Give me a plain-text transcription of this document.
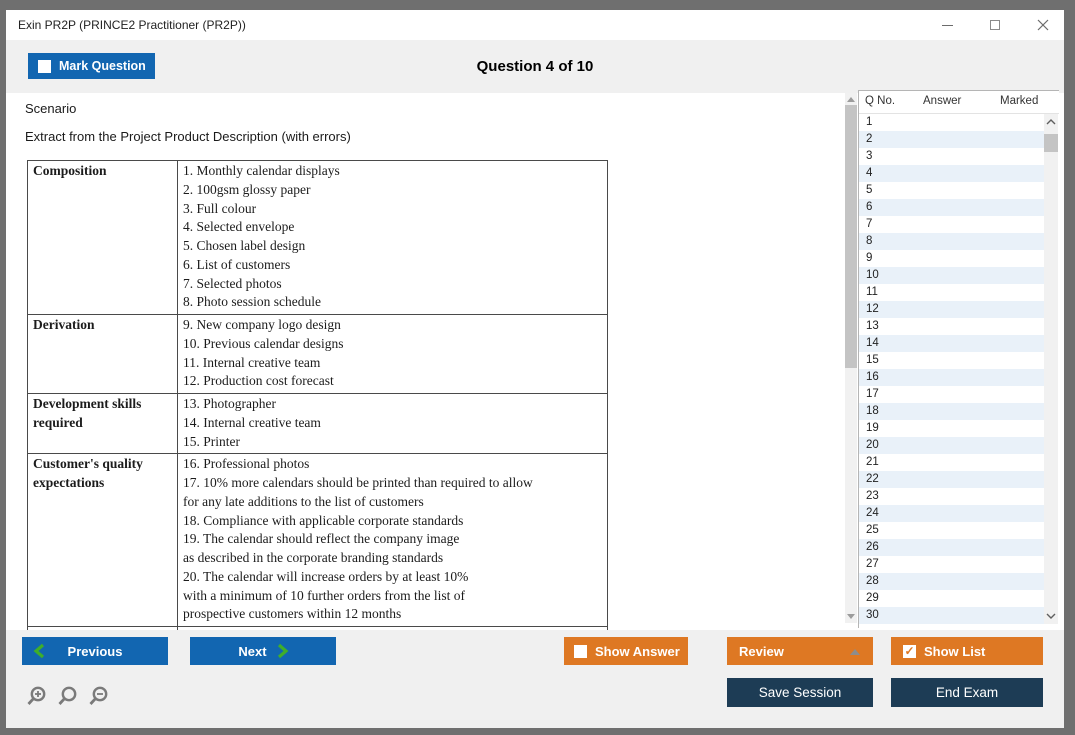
Exin PR2P (PRINCE2 Practitioner (PR2P))
Question 4 of 10
Mark Question
Scenario
Extract from the Project Product Description (with errors)
Composition	1. Monthly calendar displays
2. 100gsm glossy paper
3. Full colour
4. Selected envelope
5. Chosen label design
6. List of customers
7. Selected photos
8. Photo session schedule

Derivation	9. New company logo design
10. Previous calendar designs
11. Internal creative team
12. Production cost forecast

Development skills required	13. Photographer
14. Internal creative team
15. Printer

Customer's quality expectations	
16. Professional photos
17. 10% more calendars should be printed than required to allow
for any late additions to the list of customers
18. Compliance with applicable corporate standards
19. The calendar should reflect the company image
as described in the corporate branding standards
20. The calendar will increase orders by at least 10%
with a minimum of 10 further orders from the list of
prospective customers within 12 months

Q No. Answer	Marked
1
2
3
4
5
6
7
8
9
10
11
12
13
14
15
16
17
18
19
20
21
22
23
24
25
26
27
28
29
30
Previous	Next	Show Answer	Review	✓ Show List
Save Session	End Exam
